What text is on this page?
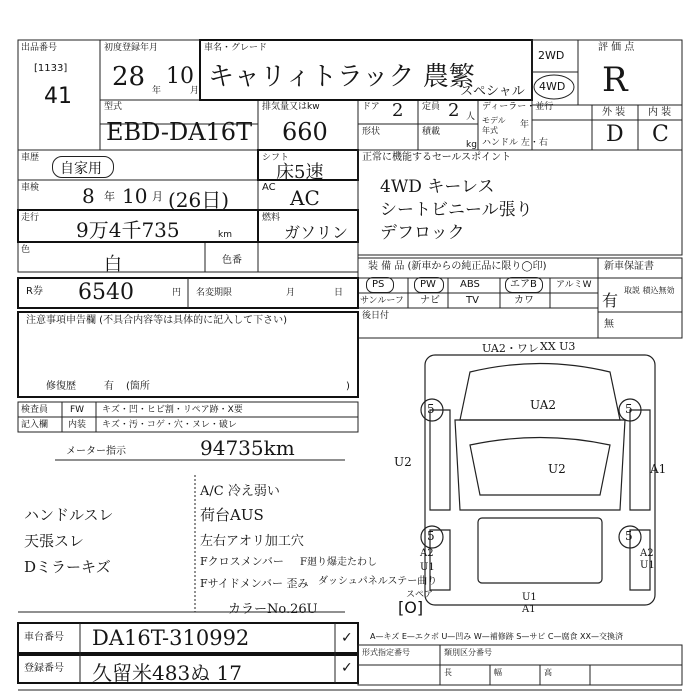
出品番号
[1133]
41
初度登録年月
28 年
10
月
車名・グレード
キャリィトラック 農繁
スペシャル
2WD
4WD
評 価 点
R
外 装 内 装
D C
型式
EBD-DA16T
排気量又はkw
660
ドア 2 定員 2 人
形状	積載
kg
ディーラー・並行
モデル 年式
年
ハンドル 左・右
車歴
自家用
シフト
床5速
正常に機能するセールスポイント
4WD キーレス
シートビニール張り
デフロック
車検 8 年 10 月 (26日)
AC AC
走行 9万4千735	km
燃料
ガソリン
色
白	色番
装 備 品 (新車からの純正品に限り◯印)
PS	PW ABS	エアB アルミW
サンルーフ ナビ	TV	カワ
新車保証書
有
取説 積込無効
無
後日付
R券 6540	円 名変期限	月	日
注意事項申告欄 (不具合内容等は具体的に記入して下さい)
修復歴	有 (箇所	)
検査員
記入欄
FW キズ・凹・ヒビ割・リペア跡・X要
内装 キズ・汚・コゲ・穴・ヌレ・破レ
メーター指示	94735km
ハンドルスレ
天張スレ
Dミラーキズ
A/C 冷え弱い
荷台AUS
左右アオリ加工穴
Fクロスメンバー
Fサイドメンバー 歪み
F廻り爆走たわし
ダッシュパネルステー曲り
カラーNo.26U
スペア
[O]
UA2・ワレ XX U3
UA2
U2	U2	A1
5	5
5	5
A2
U1
A2
U1
U1
A1
車台番号 DA16T-310992	✓
登録番号 久留米483ぬ 17	✓
A—キズ E—エクボ U—凹み W—補修跡 S—サビ C—腐食 XX—交換済
形式指定番号	類別区分番号
長	幅	高
